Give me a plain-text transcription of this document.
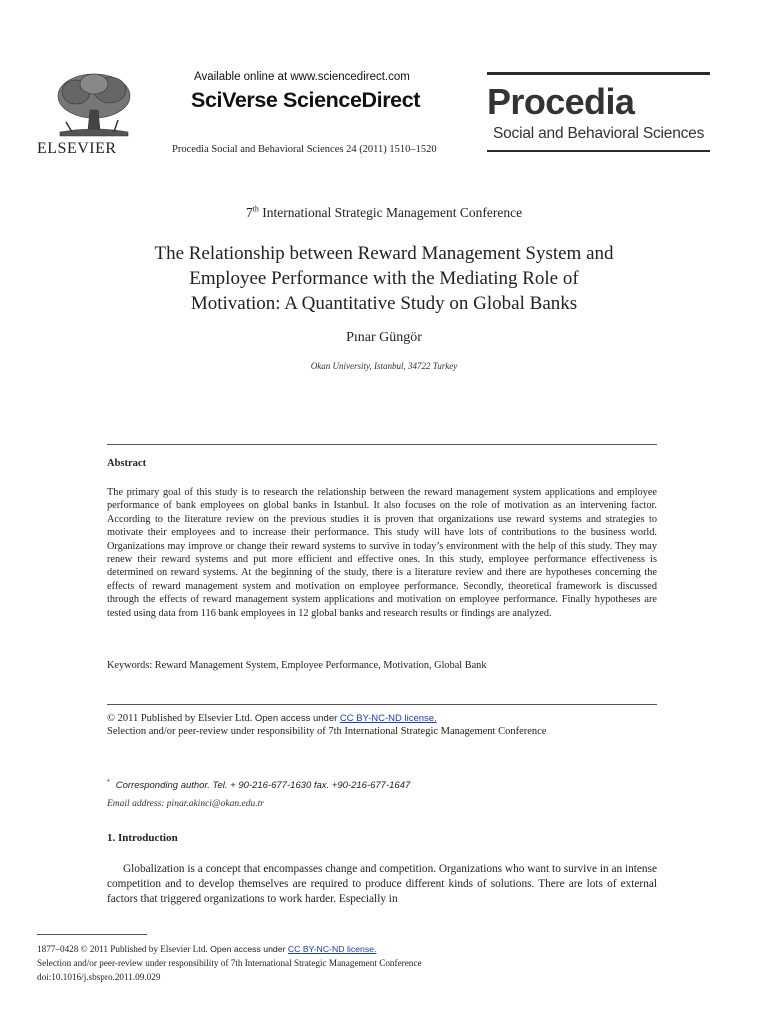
ELSEVIER
Available online at www.sciencedirect.com
SciVerse ScienceDirect
Procedia Social and Behavioral Sciences 24 (2011) 1510–1520
Procedia
Social and Behavioral Sciences
7th International Strategic Management Conference
The Relationship between Reward Management System and
Employee Performance with the Mediating Role of
Motivation: A Quantitative Study on Global Banks
Pınar Güngör
Okan University, Istanbul, 34722 Turkey
Abstract
The primary goal of this study is to research the relationship between the reward management system applications and employee performance of bank employees on global banks in Istanbul. It also focuses on the role of motivation as an intervening factor. According to the literature review on the previous studies it is proven that organizations use reward systems and strategies to motivate their employees and to increase their performance. This study will have lots of contributions to the business world. Organizations may improve or change their reward systems to survive in today’s environment with the help of this study. They may renew their reward systems and put more efficient and effective ones. In this study, employee performance effectiveness is determined on reward systems. At the beginning of the study, there is a literature review and there are hypotheses concerning the effects of reward management system and motivation on employee performance. Secondly, theoretical framework is discussed through the effects of reward management system applications and motivation on employee performance. Finally hypotheses are tested using data from 116 bank employees in 12 global banks and research results or findings are analyzed.
Keywords: Reward Management System, Employee Performance, Motivation, Global Bank
© 2011 Published by Elsevier Ltd. Open access under CC BY-NC-ND license.
Selection and/or peer-review under responsibility of 7th International Strategic Management Conference
* Corresponding author. Tel. + 90-216-677-1630 fax. +90-216-677-1647
Email address: pinar.akinci@okan.edu.tr
1. Introduction
Globalization is a concept that encompasses change and competition. Organizations who want to survive in an intense competition and to develop themselves are required to produce different kinds of solutions. There are lots of external factors that triggered organizations to work harder. Especially in
1877–0428 © 2011 Published by Elsevier Ltd. Open access under CC BY-NC-ND license.
Selection and/or peer-review under responsibility of 7th International Strategic Management Conference
doi:10.1016/j.sbspro.2011.09.029
